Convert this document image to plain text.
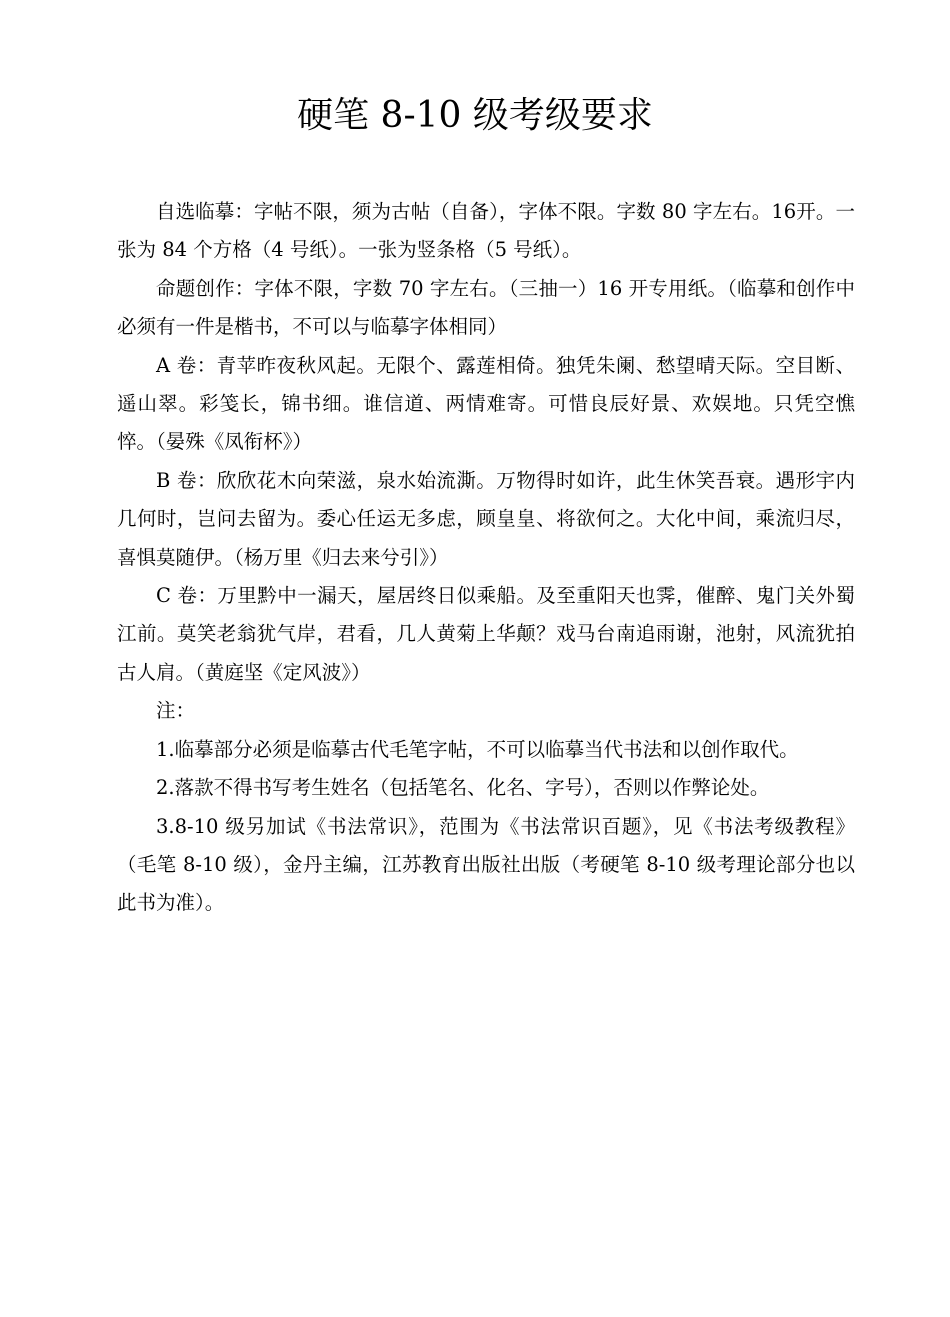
硬笔 8-10 级考级要求

自选临摹：字帖不限，须为古帖（自备），字体不限。字数 80 字左右。16开。一张为 84 个方格（4 号纸）。一张为竖条格（5 号纸）。

命题创作：字体不限，字数 70 字左右。（三抽一）16 开专用纸。（临摹和创作中必须有一件是楷书，不可以与临摹字体相同）

A 卷：青苹昨夜秋风起。无限个、露莲相倚。独凭朱阑、愁望晴天际。空目断、遥山翠。彩笺长，锦书细。谁信道、两情难寄。可惜良辰好景、欢娱地。只凭空憔悴。（晏殊《凤衔杯》）

B 卷：欣欣花木向荣滋，泉水始流澌。万物得时如许，此生休笑吾衰。遇形宇内几何时，岂问去留为。委心任运无多虑，顾皇皇、将欲何之。大化中间，乘流归尽，喜惧莫随伊。（杨万里《归去来兮引》）

C 卷：万里黔中一漏天，屋居终日似乘船。及至重阳天也霁，催醉、鬼门关外蜀江前。莫笑老翁犹气岸，君看，几人黄菊上华颠？戏马台南追雨谢，池射，风流犹拍古人肩。（黄庭坚《定风波》）

注：

1.临摹部分必须是临摹古代毛笔字帖，不可以临摹当代书法和以创作取代。

2.落款不得书写考生姓名（包括笔名、化名、字号），否则以作弊论处。

3.8-10 级另加试《书法常识》，范围为《书法常识百题》，见《书法考级教程》（毛笔 8-10 级），金丹主编，江苏教育出版社出版（考硬笔 8-10 级考理论部分也以此书为准）。
